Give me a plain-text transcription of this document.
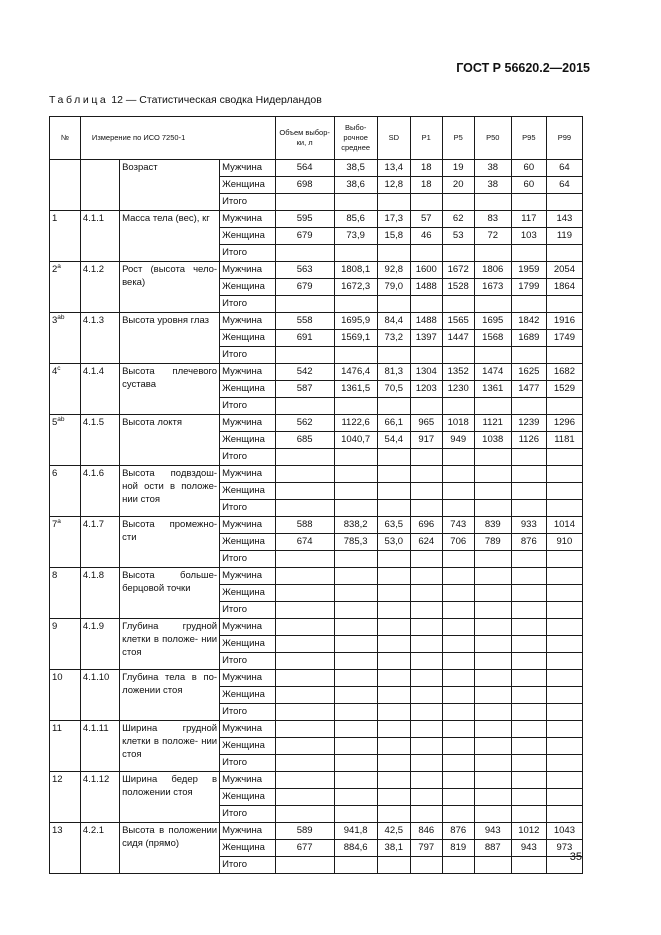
ГОСТ Р 56620.2—2015
Таблица 12 — Статистическая сводка Нидерландов
№	Измерение по ИСО 7250-1			Объем выбор- ки, л	Выбо- рочное среднее	SD	P1	P5	P50	P95	P99
		Возраст	Мужчина	564	38,5	13,4	18	19	38	60	64
			Женщина	698	38,6	12,8	18	20	38	60	64
			Итого								
1	4.1.1	Масса тела (вес), кг	Мужчина	595	85,6	17,3	57	62	83	117	143
			Женщина	679	73,9	15,8	46	53	72	103	119
			Итого								
2$^a$	4.1.2	Рост (высота чело- века)	Мужчина	563	1808,1	92,8	1600	1672	1806	1959	2054
			Женщина	679	1672,3	79,0	1488	1528	1673	1799	1864
			Итого								
$3^{ab}$	4.1.3	Высота уровня глаз	Мужчина	558	1695,9	84,4	1488	1565	1695	1842	1916
			Женщина	691	1569,1	73,2	1397	1447	1568	1689	1749
			Итого								
4$^c$	4.1.4	Высота плечевого сустава	Мужчина	542	1476,4	81,3	1304	1352	1474	1625	1682
			Женщина	587	1361,5	70,5	1203	1230	1361	1477	1529
			Итого								
$5^{ab}$	4.1.5	Высота локтя	Мужчина	562	1122,6	66,1	965	1018	1121	1239	1296
			Женщина	685	1040,7	54,4	917	949	1038	1126	1181
			Итого								
6	4.1.6	Высота подвздош- ной ости в положе- нии стоя	Мужчина								
			Женщина								
			Итого								
7$^a$	4.1.7	Высота промежно- сти	Мужчина	588	838,2	63,5	696	743	839	933	1014
			Женщина	674	785,3	53,0	624	706	789	876	910
			Итого								
8	4.1.8	Высота больше- берцовой точки	Мужчина								
			Женщина								
			Итого								
9	4.1.9	Глубина грудной клетки в положе- нии стоя	Мужчина								
			Женщина								
			Итого								
10	4.1.10	Глубина тела в по- ложении стоя	Мужчина								
			Женщина								
			Итого								
11	4.1.11	Ширина грудной клетки в положе- нии стоя	Мужчина								
			Женщина								
			Итого								
12	4.1.12	Ширина бедер в положении стоя	Мужчина								
			Женщина								
			Итого								
13	4.2.1	Высота в положении сидя (прямо)	Мужчина	589	941,8	42,5	846	876	943	1012	1043
			Женщина	677	884,6	38,1	797	819	887	943	973
			Итого								
35
